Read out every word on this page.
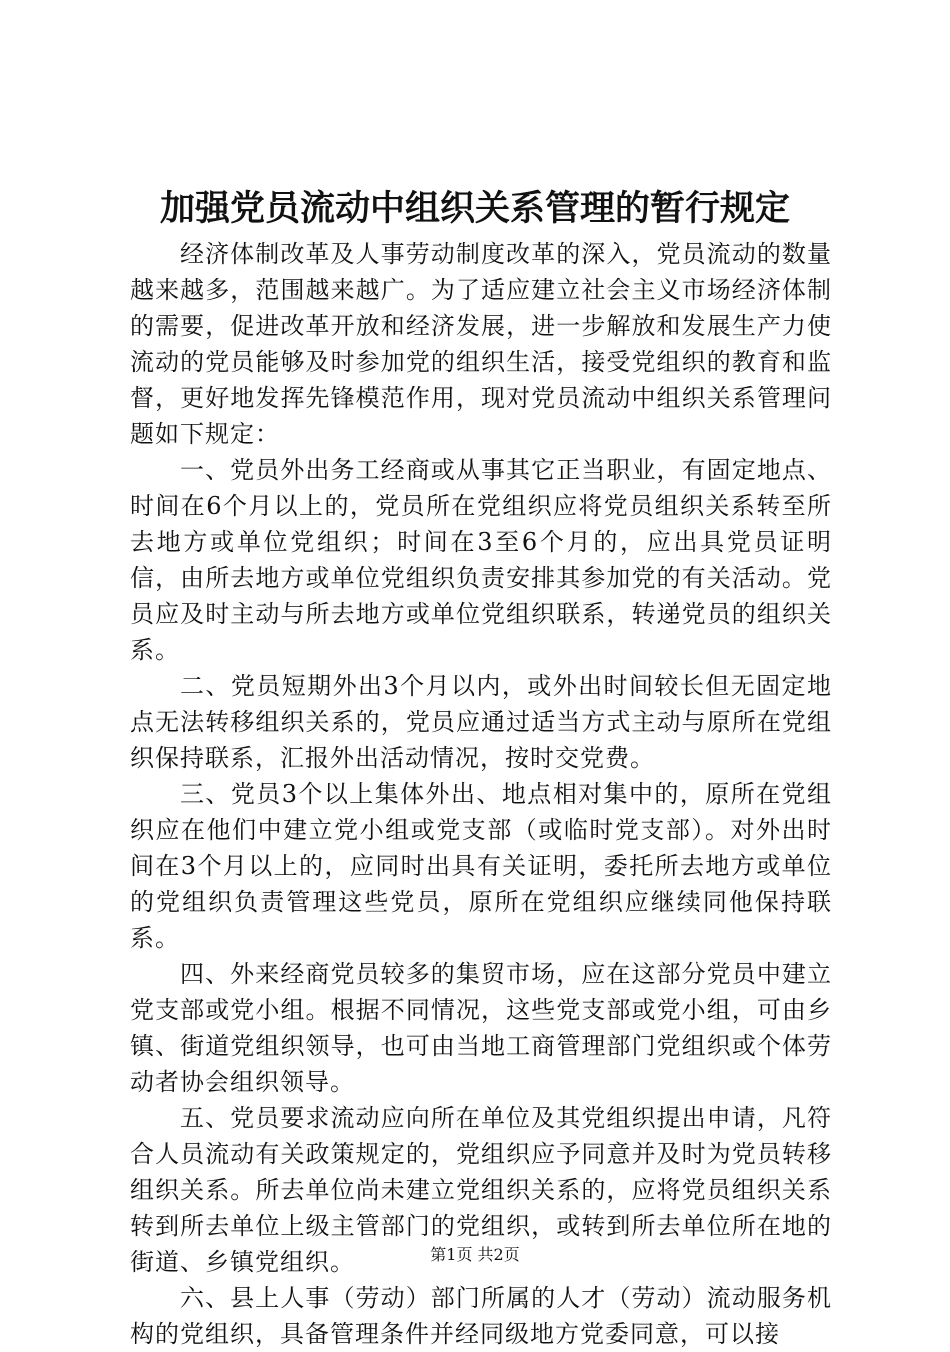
加强党员流动中组织关系管理的暂行规定

经济体制改革及人事劳动制度改革的深入，党员流动的数量越来越多，范围越来越广。为了适应建立社会主义市场经济体制的需要，促进改革开放和经济发展，进一步解放和发展生产力使流动的党员能够及时参加党的组织生活，接受党组织的教育和监督，更好地发挥先锋模范作用，现对党员流动中组织关系管理问题如下规定：

一、党员外出务工经商或从事其它正当职业，有固定地点、时间在6个月以上的，党员所在党组织应将党员组织关系转至所去地方或单位党组织；时间在3至6个月的，应出具党员证明信，由所去地方或单位党组织负责安排其参加党的有关活动。党员应及时主动与所去地方或单位党组织联系，转递党员的组织关系。

二、党员短期外出3个月以内，或外出时间较长但无固定地点无法转移组织关系的，党员应通过适当方式主动与原所在党组织保持联系，汇报外出活动情况，按时交党费。

三、党员3个以上集体外出、地点相对集中的，原所在党组织应在他们中建立党小组或党支部（或临时党支部）。对外出时间在3个月以上的，应同时出具有关证明，委托所去地方或单位的党组织负责管理这些党员，原所在党组织应继续同他保持联系。

四、外来经商党员较多的集贸市场，应在这部分党员中建立党支部或党小组。根据不同情况，这些党支部或党小组，可由乡镇、街道党组织领导，也可由当地工商管理部门党组织或个体劳动者协会组织领导。

五、党员要求流动应向所在单位及其党组织提出申请，凡符合人员流动有关政策规定的，党组织应予同意并及时为党员转移组织关系。所去单位尚未建立党组织关系的，应将党员组织关系转到所去单位上级主管部门的党组织，或转到所去单位所在地的街道、乡镇党组织。

六、县上人事（劳动）部门所属的人才（劳动）流动服务机构的党组织，具备管理条件并经同级地方党委同意，可以接

第1页 共2页
